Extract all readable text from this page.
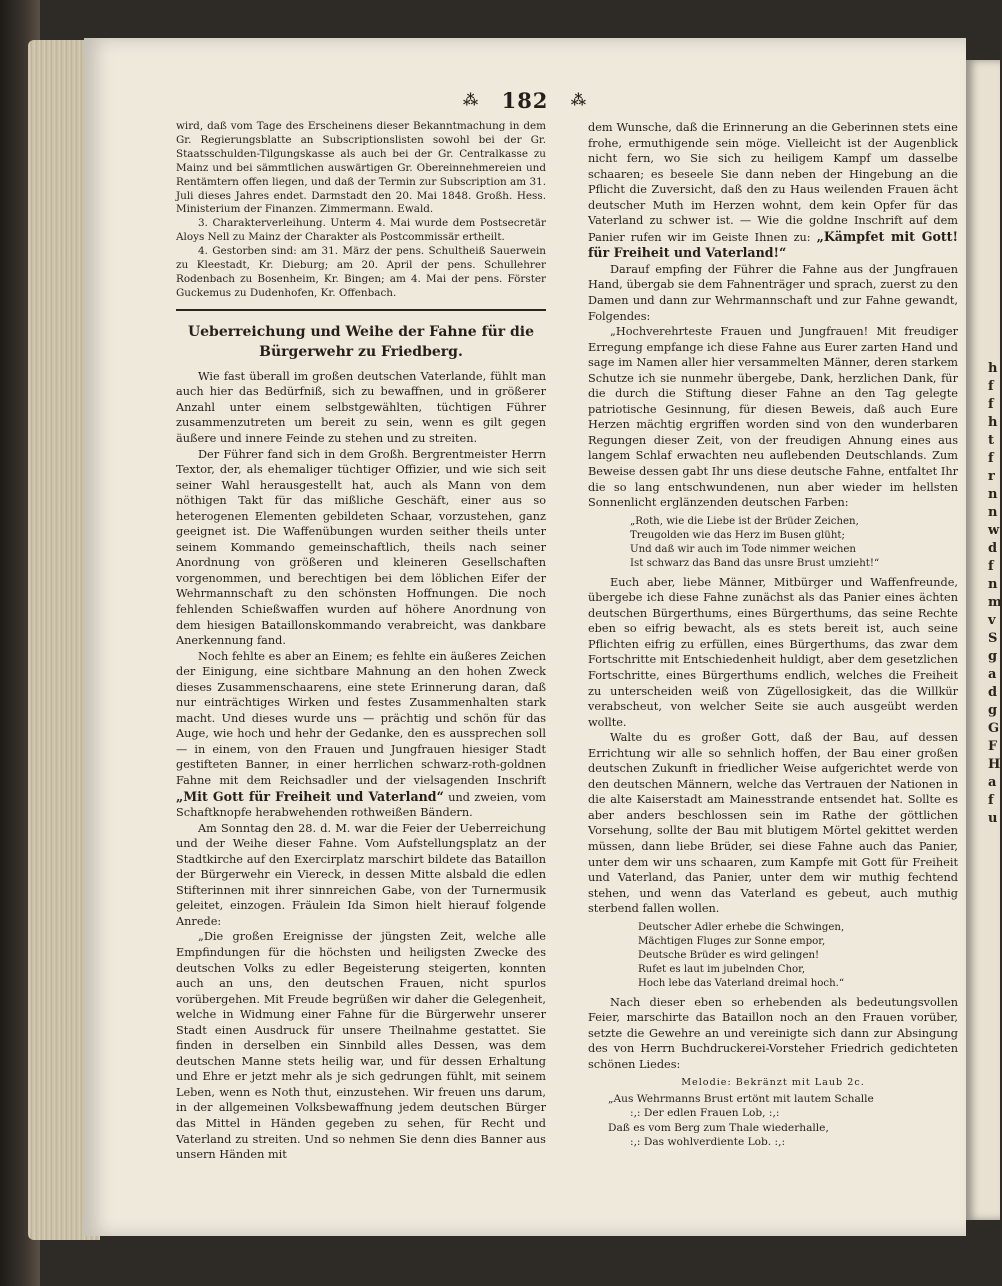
⁂ 182 ⁂

wird, daß vom Tage des Erscheinens dieser Bekanntmachung in dem Gr. Regierungsblatte an Subscriptionslisten sowohl bei der Gr. Staatsschulden-Tilgungskasse als auch bei der Gr. Centralkasse zu Mainz und bei sämmtlichen auswärtigen Gr. Obereinnehmereien und Rentämtern offen liegen, und daß der Termin zur Subscription am 31. Juli dieses Jahres endet. Darmstadt den 20. Mai 1848. Großh. Hess. Ministerium der Finanzen. Zimmermann. Ewald.

3. Charakterverleihung. Unterm 4. Mai wurde dem Postsecretär Aloys Nell zu Mainz der Charakter als Postcommissär ertheilt.

4. Gestorben sind: am 31. März der pens. Schultheiß Sauerwein zu Kleestadt, Kr. Dieburg; am 20. April der pens. Schullehrer Rodenbach zu Bosenheim, Kr. Bingen; am 4. Mai der pens. Förster Guckemus zu Dudenhofen, Kr. Offenbach.

Ueberreichung und Weihe der Fahne für die Bürgerwehr zu Friedberg.

Wie fast überall im großen deutschen Vaterlande, fühlt man auch hier das Bedürfniß, sich zu bewaffnen, und in größerer Anzahl unter einem selbstgewählten, tüchtigen Führer zusammenzutreten um bereit zu sein, wenn es gilt gegen äußere und innere Feinde zu stehen und zu streiten.

Der Führer fand sich in dem Großh. Bergrentmeister Herrn Textor, der, als ehemaliger tüchtiger Offizier, und wie sich seit seiner Wahl herausgestellt hat, auch als Mann von dem nöthigen Takt für das mißliche Geschäft, einer aus so heterogenen Elementen gebildeten Schaar, vorzustehen, ganz geeignet ist. Die Waffenübungen wurden seither theils unter seinem Kommando gemeinschaftlich, theils nach seiner Anordnung von größeren und kleineren Gesellschaften vorgenommen, und berechtigen bei dem löblichen Eifer der Wehrmannschaft zu den schönsten Hoffnungen. Die noch fehlenden Schießwaffen wurden auf höhere Anordnung von dem hiesigen Bataillonskommando verabreicht, was dankbare Anerkennung fand.

Noch fehlte es aber an Einem; es fehlte ein äußeres Zeichen der Einigung, eine sichtbare Mahnung an den hohen Zweck dieses Zusammenschaarens, eine stete Erinnerung daran, daß nur einträchtiges Wirken und festes Zusammenhalten stark macht. Und dieses wurde uns — prächtig und schön für das Auge, wie hoch und hehr der Gedanke, den es aussprechen soll — in einem, von den Frauen und Jungfrauen hiesiger Stadt gestifteten Banner, in einer herrlichen schwarz-roth-goldnen Fahne mit dem Reichsadler und der vielsagenden Inschrift „Mit Gott für Freiheit und Vaterland“ und zweien, vom Schaftknopfe herabwehenden rothweißen Bändern.

Am Sonntag den 28. d. M. war die Feier der Ueberreichung und der Weihe dieser Fahne. Vom Aufstellungsplatz an der Stadtkirche auf den Exercirplatz marschirt bildete das Bataillon der Bürgerwehr ein Viereck, in dessen Mitte alsbald die edlen Stifterinnen mit ihrer sinnreichen Gabe, von der Turnermusik geleitet, einzogen. Fräulein Ida Simon hielt hierauf folgende Anrede:

„Die großen Ereignisse der jüngsten Zeit, welche alle Empfindungen für die höchsten und heiligsten Zwecke des deutschen Volks zu edler Begeisterung steigerten, konnten auch an uns, den deutschen Frauen, nicht spurlos vorübergehen. Mit Freude begrüßen wir daher die Gelegenheit, welche in Widmung einer Fahne für die Bürgerwehr unserer Stadt einen Ausdruck für unsere Theilnahme gestattet. Sie finden in derselben ein Sinnbild alles Dessen, was dem deutschen Manne stets heilig war, und für dessen Erhaltung und Ehre er jetzt mehr als je sich gedrungen fühlt, mit seinem Leben, wenn es Noth thut, einzustehen. Wir freuen uns darum, in der allgemeinen Volksbewaffnung jedem deutschen Bürger das Mittel in Händen gegeben zu sehen, für Recht und Vaterland zu streiten. Und so nehmen Sie denn dies Banner aus unsern Händen mit

dem Wunsche, daß die Erinnerung an die Geberinnen stets eine frohe, ermuthigende sein möge. Vielleicht ist der Augenblick nicht fern, wo Sie sich zu heiligem Kampf um dasselbe schaaren; es beseele Sie dann neben der Hingebung an die Pflicht die Zuversicht, daß den zu Haus weilenden Frauen ächt deutscher Muth im Herzen wohnt, dem kein Opfer für das Vaterland zu schwer ist. — Wie die goldne Inschrift auf dem Panier rufen wir im Geiste Ihnen zu: „Kämpfet mit Gott! für Freiheit und Vaterland!“

Darauf empfing der Führer die Fahne aus der Jungfrauen Hand, übergab sie dem Fahnenträger und sprach, zuerst zu den Damen und dann zur Wehrmannschaft und zur Fahne gewandt, Folgendes:

„Hochverehrteste Frauen und Jungfrauen! Mit freudiger Erregung empfange ich diese Fahne aus Eurer zarten Hand und sage im Namen aller hier versammelten Männer, deren starkem Schutze ich sie nunmehr übergebe, Dank, herzlichen Dank, für die durch die Stiftung dieser Fahne an den Tag gelegte patriotische Gesinnung, für diesen Beweis, daß auch Eure Herzen mächtig ergriffen worden sind von den wunderbaren Regungen dieser Zeit, von der freudigen Ahnung eines aus langem Schlaf erwachten neu auflebenden Deutschlands. Zum Beweise dessen gabt Ihr uns diese deutsche Fahne, entfaltet Ihr die so lang entschwundenen, nun aber wieder im hellsten Sonnenlicht erglänzenden deutschen Farben:

„Roth, wie die Liebe ist der Brüder Zeichen,
Treugolden wie das Herz im Busen glüht;
Und daß wir auch im Tode nimmer weichen
Ist schwarz das Band das unsre Brust umzieht!“

Euch aber, liebe Männer, Mitbürger und Waffenfreunde, übergebe ich diese Fahne zunächst als das Panier eines ächten deutschen Bürgerthums, eines Bürgerthums, das seine Rechte eben so eifrig bewacht, als es stets bereit ist, auch seine Pflichten eifrig zu erfüllen, eines Bürgerthums, das zwar dem Fortschritte mit Entschiedenheit huldigt, aber dem gesetzlichen Fortschritte, eines Bürgerthums endlich, welches die Freiheit zu unterscheiden weiß von Zügellosigkeit, das die Willkür verabscheut, von welcher Seite sie auch ausgeübt werden wollte.

Walte du es großer Gott, daß der Bau, auf dessen Errichtung wir alle so sehnlich hoffen, der Bau einer großen deutschen Zukunft in friedlicher Weise aufgerichtet werde von den deutschen Männern, welche das Vertrauen der Nationen in die alte Kaiserstadt am Mainesstrande entsendet hat. Sollte es aber anders beschlossen sein im Rathe der göttlichen Vorsehung, sollte der Bau mit blutigem Mörtel gekittet werden müssen, dann liebe Brüder, sei diese Fahne auch das Panier, unter dem wir uns schaaren, zum Kampfe mit Gott für Freiheit und Vaterland, das Panier, unter dem wir muthig fechtend stehen, und wenn das Vaterland es gebeut, auch muthig sterbend fallen wollen.

Deutscher Adler erhebe die Schwingen,
Mächtigen Fluges zur Sonne empor,
Deutsche Brüder es wird gelingen!
Rufet es laut im jubelnden Chor,
Hoch lebe das Vaterland dreimal hoch.“

Nach dieser eben so erhebenden als bedeutungsvollen Feier, marschirte das Bataillon noch an den Frauen vorüber, setzte die Gewehre an und vereinigte sich dann zur Absingung des von Herrn Buchdruckerei-Vorsteher Friedrich gedichteten schönen Liedes:

Melodie: Bekränzt mit Laub 2c.
„Aus Wehrmanns Brust ertönt mit lautem Schalle
:,: Der edlen Frauen Lob, :,:
Daß es vom Berg zum Thale wiederhalle,
:,: Das wohlverdiente Lob. :,:
h
f
f
h
t
f
r
n
n
w
d
f
n
m
v
S
g
a
d
g
G
F
H
a
f
u
